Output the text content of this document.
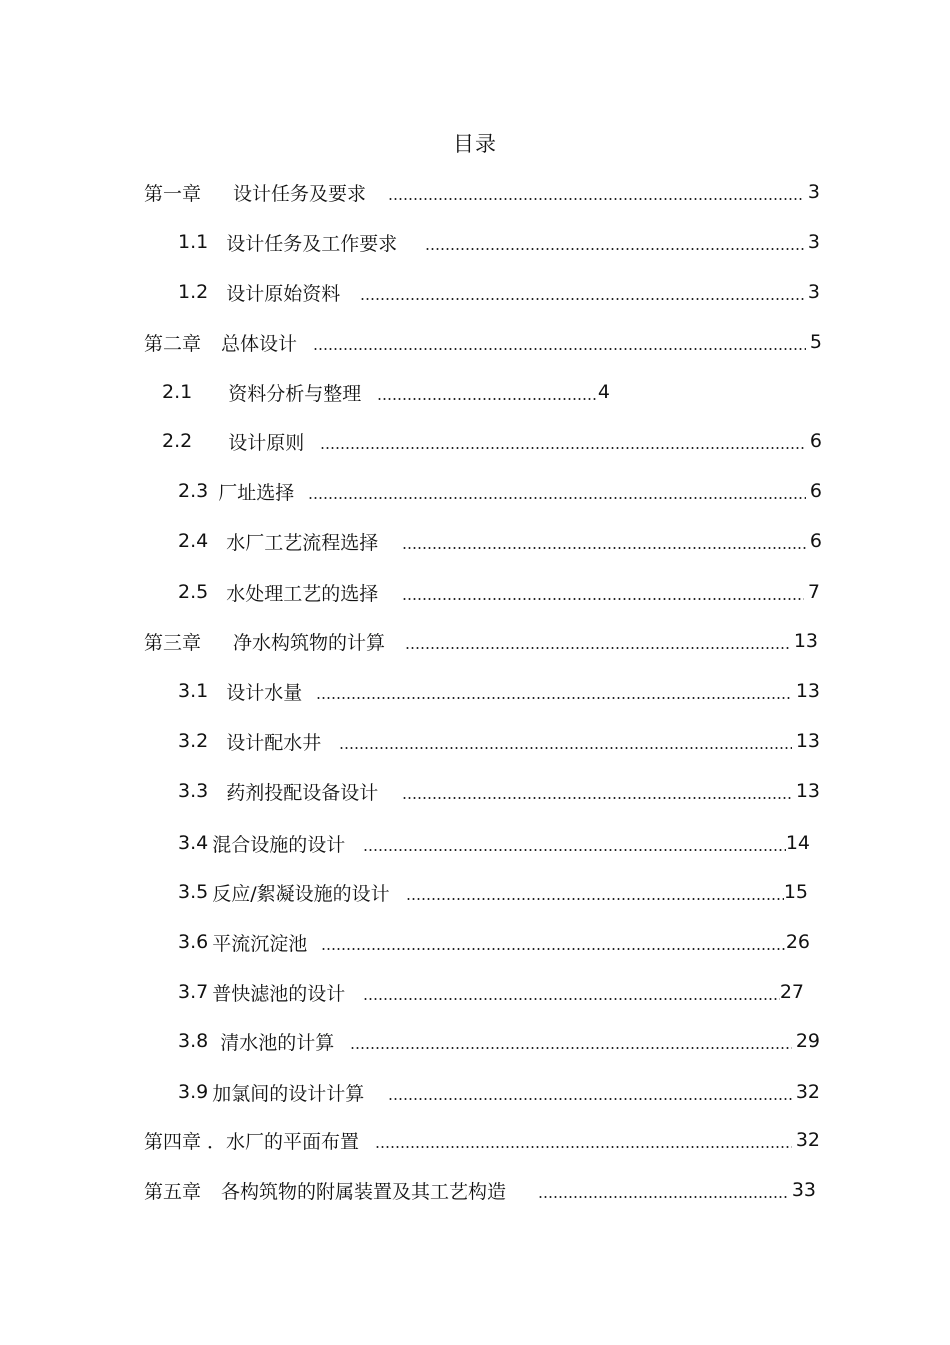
目录
第一章 设计任务及要求	3
1.1 设计任务及工作要求	3
1.2 设计原始资料	3
第二章 总体设计	5
2.1 资料分析与整理	4
2.2 设计原则	6
2.3 厂址选择	6
2.4 水厂工艺流程选择	6
2.5 水处理工艺的选择	7
第三章 净水构筑物的计算	13
3.1 设计水量	13
3.2 设计配水井	13
3.3 药剂投配设备设计	13
3.4 混合设施的设计	14
3.5 反应/絮凝设施的设计	15
3.6 平流沉淀池	26
3.7 普快滤池的设计	27
3.8 清水池的计算	29
3.9 加氯间的设计计算	32
第四章 ．水厂的平面布置	32
第五章 各构筑物的附属装置及其工艺构造	33
